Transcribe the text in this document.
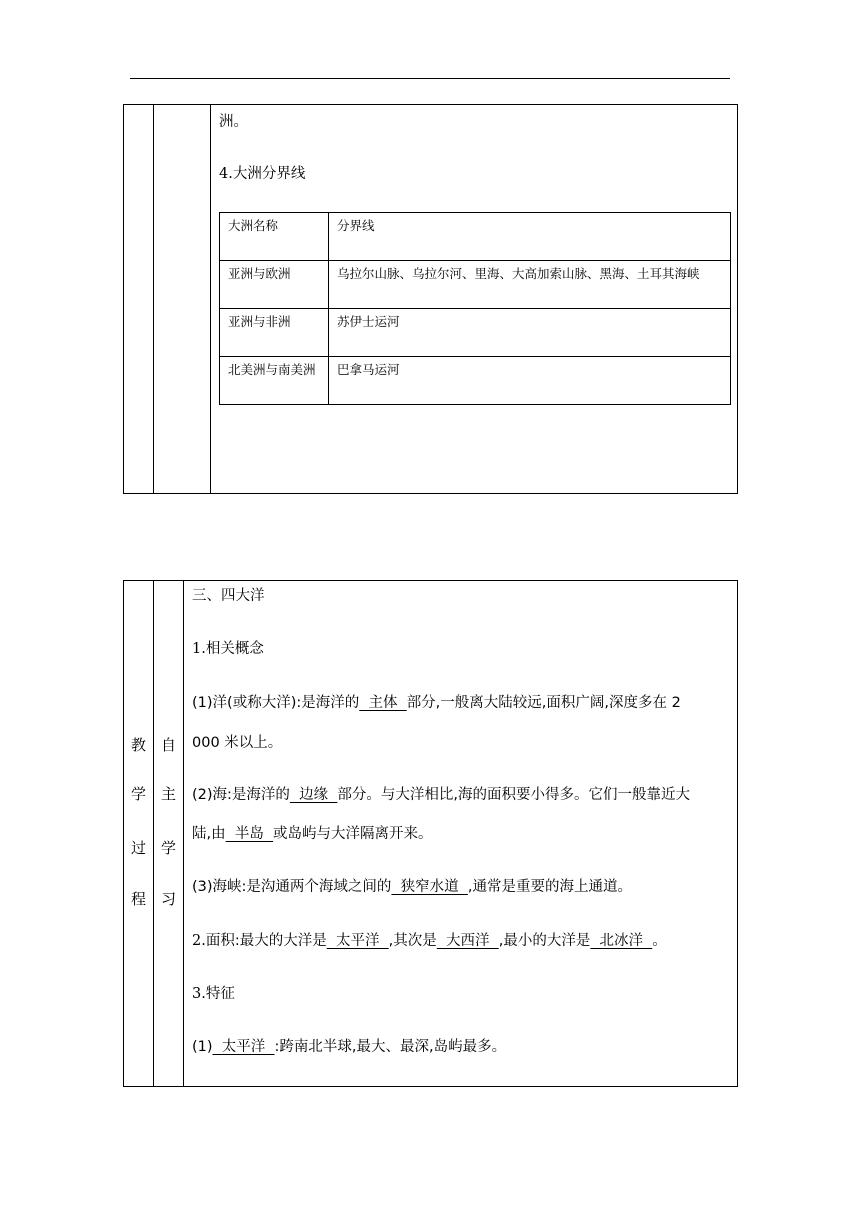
洲。
4.大洲分界线
大洲名称	分界线
亚洲与欧洲	乌拉尔山脉、乌拉尔河、里海、大高加索山脉、黑海、土耳其海峡
亚洲与非洲	苏伊士运河
北美洲与南美洲	巴拿马运河
教
学
过
程
自
主
学
习
三、四大洋
1.相关概念
(1)洋(或称大洋):是海洋的  主体  部分,一般离大陆较远,面积广阔,深度多在 2
000 米以上。
(2)海:是海洋的  边缘  部分。与大洋相比,海的面积要小得多。它们一般靠近大
陆,由  半岛  或岛屿与大洋隔离开来。
(3)海峡:是沟通两个海域之间的  狭窄水道  ,通常是重要的海上通道。
2.面积:最大的大洋是  太平洋  ,其次是  大西洋  ,最小的大洋是  北冰洋  。
3.特征
(1)  太平洋  :跨南北半球,最大、最深,岛屿最多。
